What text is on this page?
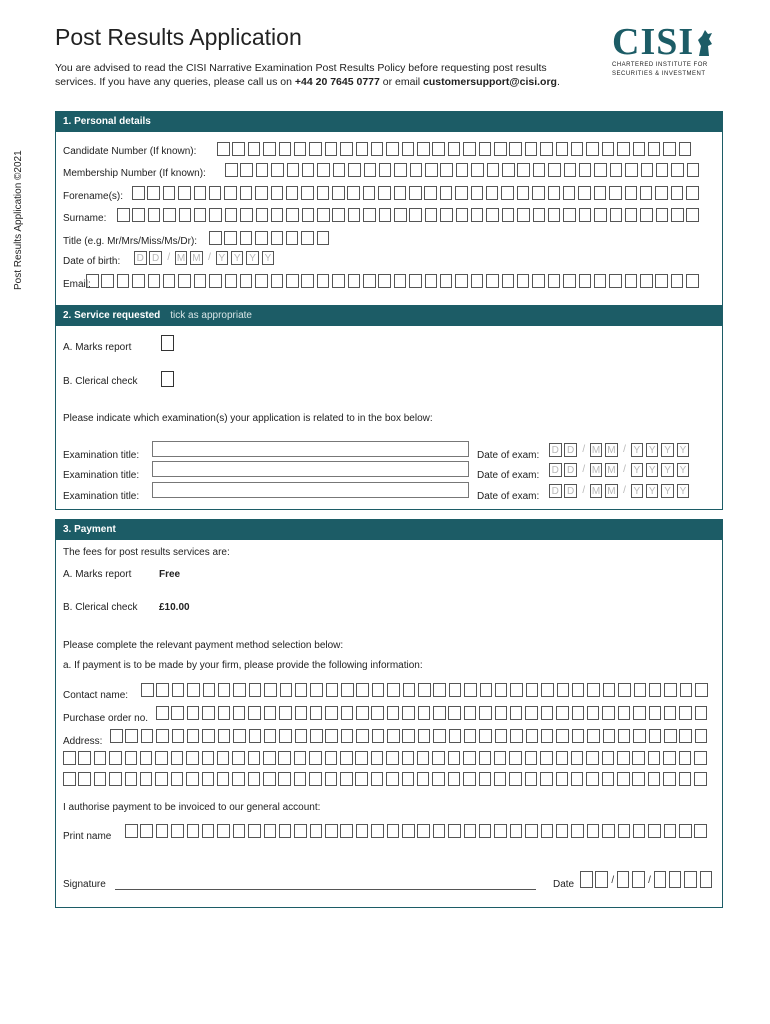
Post Results Application
You are advised to read the CISI Narrative Examination Post Results Policy before requesting post results
services. If you have any queries, please call us on +44 20 7645 0777 or email customersupport@cisi.org.
CISI
CHARTERED INSTITUTE FOR
SECURITIES & INVESTMENT
Post Results Application ©2021
1. Personal details
Candidate Number (If known):
Membership Number (If known):
Forename(s):
Surname:
Title (e.g. Mr/Mrs/Miss/Ms/Dr):
Date of birth: D D / M M / Y Y Y Y
Email:
2. Service requested tick as appropriate
A. Marks report
B. Clerical check
Please indicate which examination(s) your application is related to in the box below:
Examination title:	Date of exam: D D / M M / Y Y Y Y
Examination title:	Date of exam: D D / M M / Y Y Y Y
Examination title:	Date of exam: D D / M M / Y Y Y Y
3. Payment
The fees for post results services are:
A. Marks report	Free
B. Clerical check £10.00
Please complete the relevant payment method selection below:
a. If payment is to be made by your firm, please provide the following information:
Contact name:
Purchase order no.
Address:
I authorise payment to be invoiced to our general account:
Print name
Signature	Date	/	/
